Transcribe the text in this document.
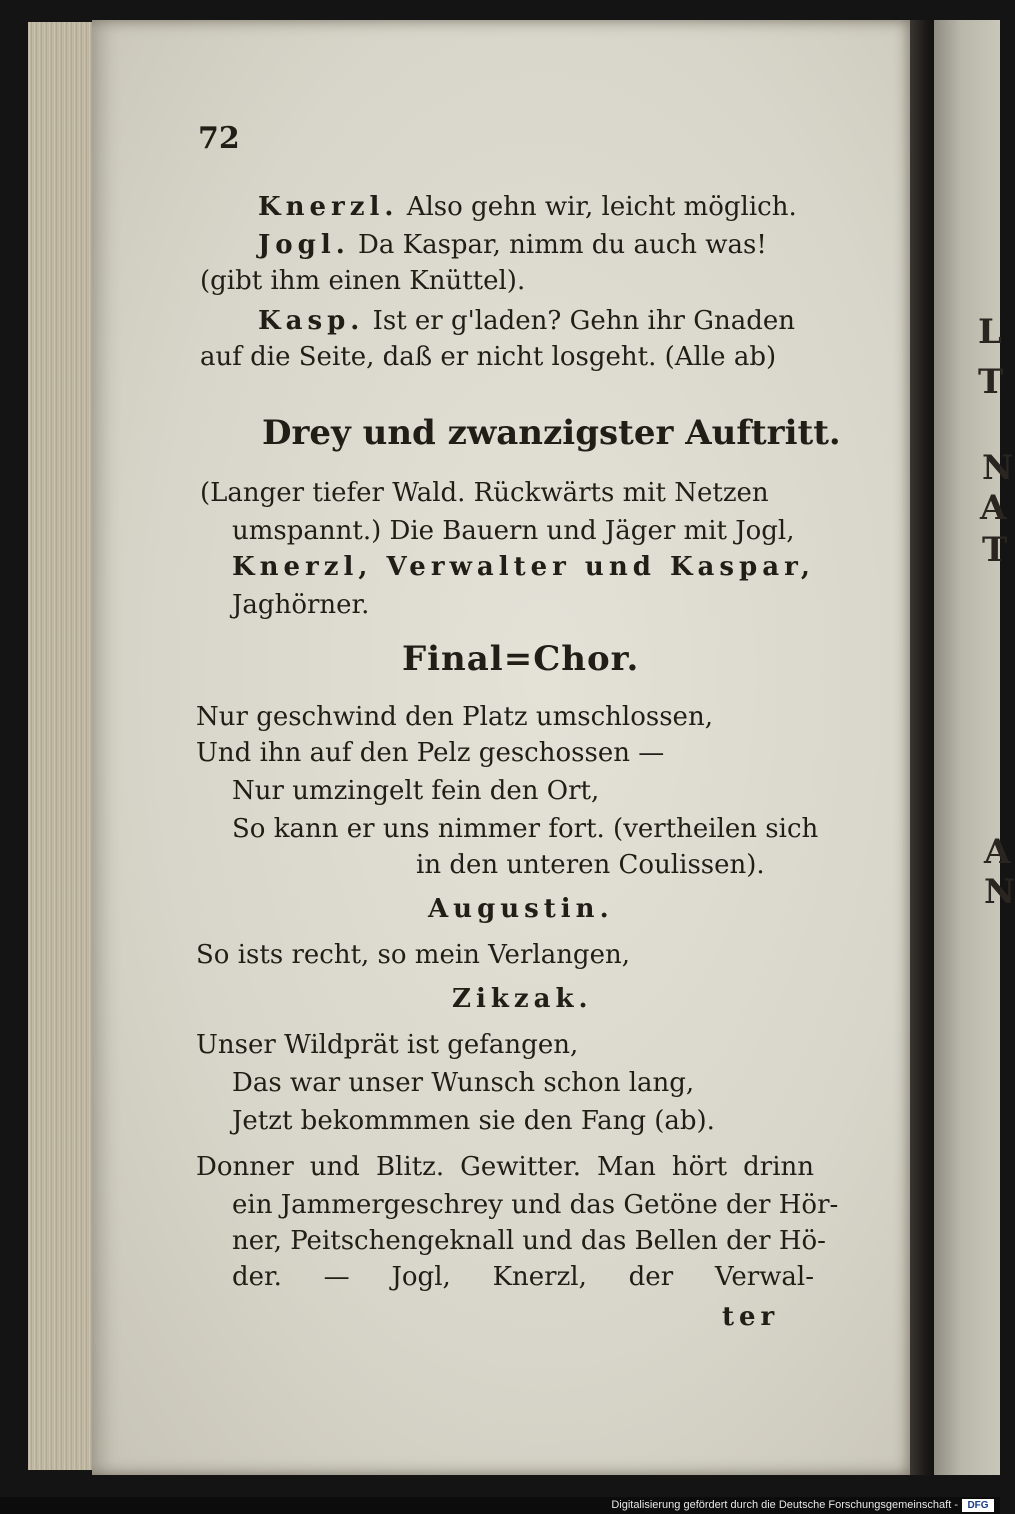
L
T
N
A
T
A
N

72

Knerzl. Also gehn wir, leicht möglich.

Jogl. Da Kaspar, nimm du auch was!

(gibt ihm einen Knüttel).

Kasp. Ist er g'laden? Gehn ihr Gnaden

auf die Seite, daß er nicht losgeht. (Alle ab)

Drey und zwanzigster Auftritt.

(Langer tiefer Wald. Rückwärts mit Netzen

umspannt.) Die Bauern und Jäger mit Jogl,

Knerzl, Verwalter und Kaspar,

Jaghörner.

Final=Chor.

Nur geschwind den Platz umschlossen,

Und ihn auf den Pelz geschossen —

Nur umzingelt fein den Ort,

So kann er uns nimmer fort. (vertheilen sich

in den unteren Coulissen).

Augustin.

So ists recht, so mein Verlangen,

Zikzak.

Unser Wildprät ist gefangen,

Das war unser Wunsch schon lang,

Jetzt bekommmen sie den Fang (ab).

Donner und Blitz. Gewitter. Man hört drinn

ein Jammergeschrey und das Getöne der Hör-

ner, Peitschengeknall und das Bellen der Hö-

der. — Jogl, Knerzl, der Verwal-

ter

Digitalisierung gefördert durch die Deutsche Forschungsgemeinschaft - DFG
